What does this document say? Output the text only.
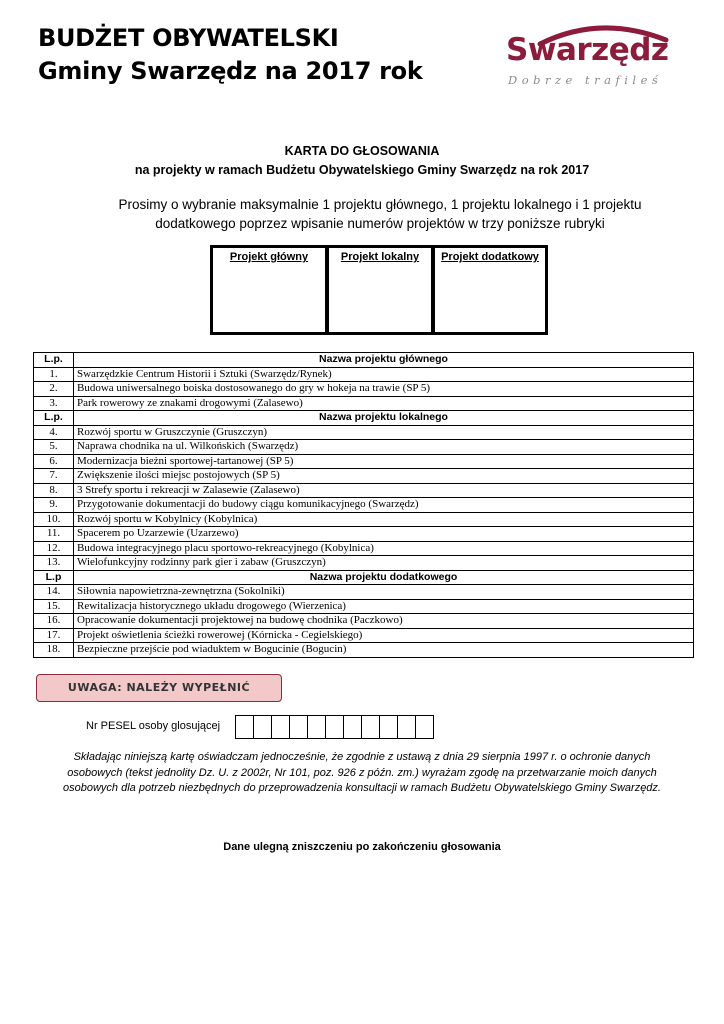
BUDŻET OBYWATELSKI
Gminy Swarzędz na 2017 rok
Swarzędz
Dobrze trafileś
KARTA DO GŁOSOWANIA
na projekty w ramach Budżetu Obywatelskiego Gminy Swarzędz na rok 2017
Prosimy o wybranie maksymalnie 1 projektu głównego, 1 projektu lokalnego i 1 projektu
dodatkowego poprzez wpisanie numerów projektów w trzy poniższe rubryki
Projekt główny	Projekt lokalny	Projekt dodatkowy
L.p.	Nazwa projektu głównego
1.	Swarzędzkie Centrum Historii i Sztuki (Swarzędz/Rynek)
2.	Budowa uniwersalnego boiska dostosowanego do gry w hokeja na trawie (SP 5)
3.	Park rowerowy ze znakami drogowymi (Zalasewo)
L.p.	Nazwa projektu lokalnego
4.	Rozwój sportu w Gruszczynie (Gruszczyn)
5.	Naprawa chodnika na ul. Wilkońskich (Swarzędz)
6.	Modernizacja bieżni sportowej-tartanowej (SP 5)
7.	Zwiększenie ilości miejsc postojowych (SP 5)
8.	3 Strefy sportu i rekreacji w Zalasewie (Zalasewo)
9.	Przygotowanie dokumentacji do budowy ciągu komunikacyjnego (Swarzędz)
10.	Rozwój sportu w Kobylnicy (Kobylnica)
11.	Spacerem po Uzarzewie (Uzarzewo)
12.	Budowa integracyjnego placu sportowo-rekreacyjnego (Kobylnica)
13.	Wielofunkcyjny rodzinny park gier i zabaw (Gruszczyn)
L.p	Nazwa projektu dodatkowego
14.	Siłownia napowietrzna-zewnętrzna (Sokolniki)
15.	Rewitalizacja historycznego układu drogowego (Wierzenica)
16.	Opracowanie dokumentacji projektowej na budowę chodnika (Paczkowo)
17.	Projekt oświetlenia ścieżki rowerowej (Kórnicka - Cegielskiego)
18.	Bezpieczne przejście pod wiaduktem w Bogucinie (Bogucin)
UWAGA: NALEŻY WYPEŁNIĆ
Nr PESEL osoby glosującej
Składając niniejszą kartę oświadczam jednocześnie, że zgodnie z ustawą z dnia 29 sierpnia 1997 r. o ochronie danych
osobowych (tekst jednolity Dz. U. z 2002r, Nr 101, poz. 926 z późn. zm.) wyrażam zgodę na przetwarzanie moich danych
osobowych dla potrzeb niezbędnych do przeprowadzenia konsultacji w ramach Budżetu Obywatelskiego Gminy Swarzędz.
Dane ulegną zniszczeniu po zakończeniu głosowania
